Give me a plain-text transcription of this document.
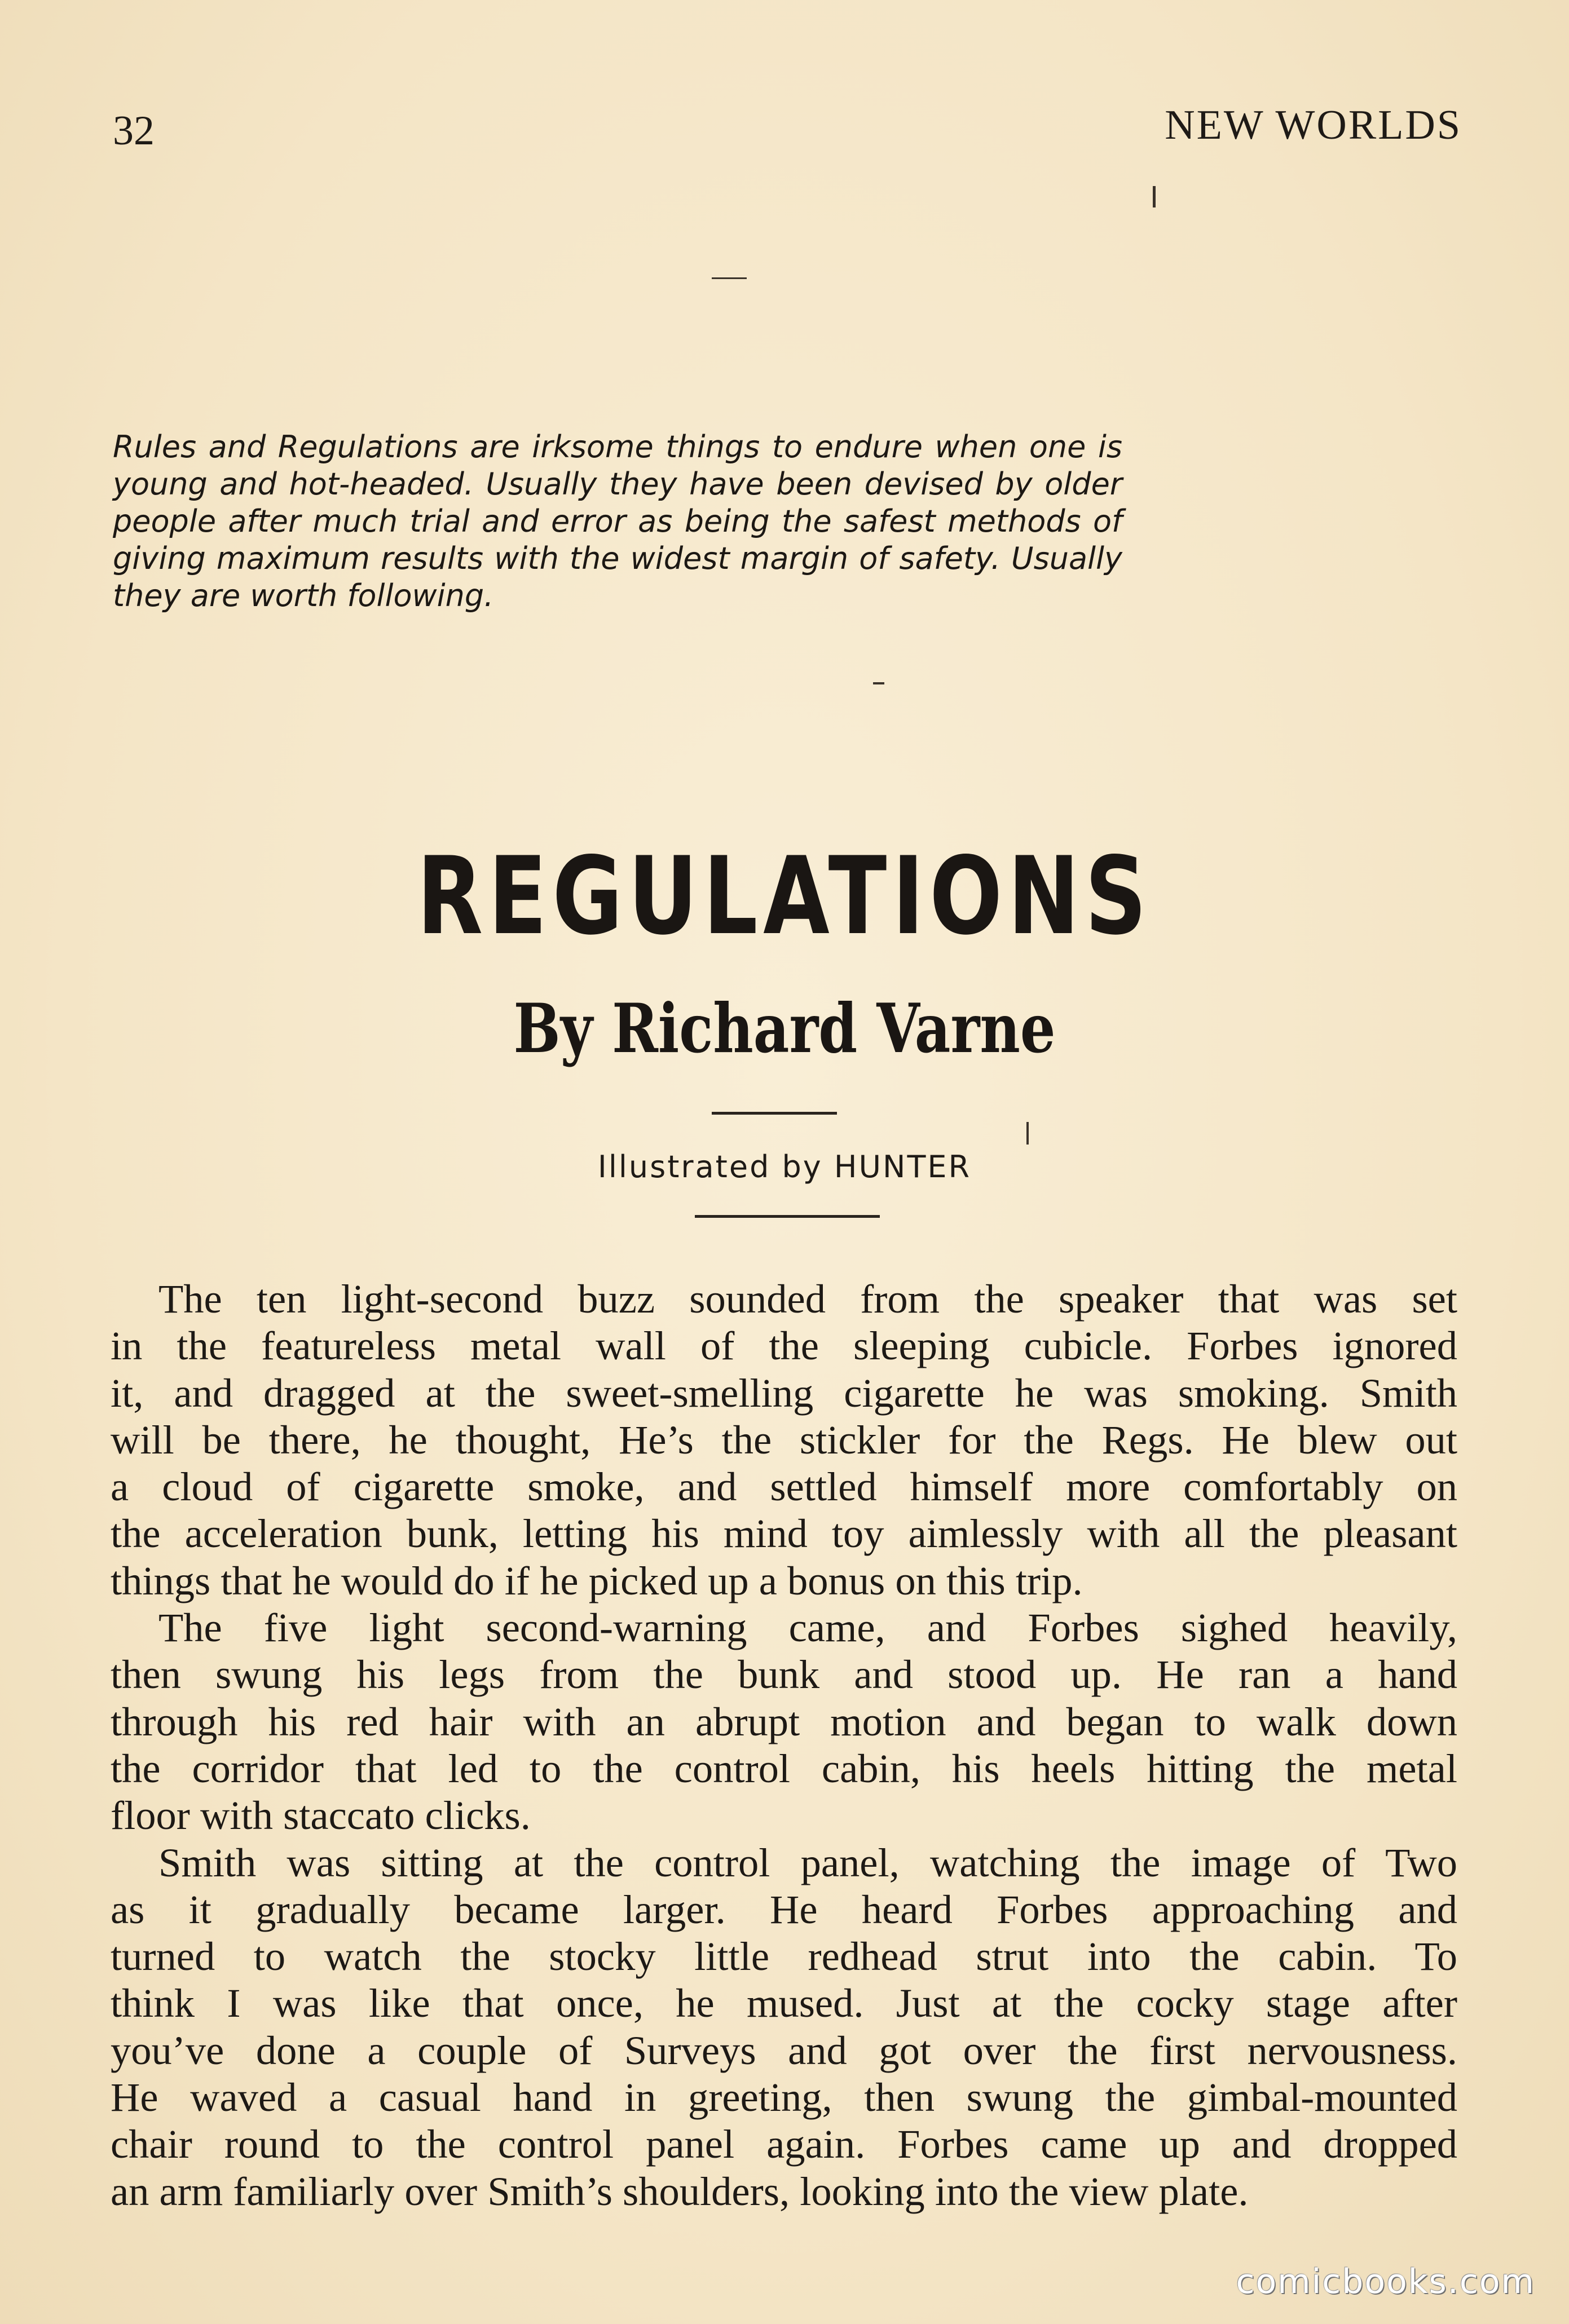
32	NEW WORLDS
Rules and Regulations are irksome things to endure when one is young and hot-headed. Usually they have been devised by older people after much trial and error as being the safest methods of giving maximum results with the widest margin of safety. Usually they are worth following.
REGULATIONS
By Richard Varne
Illustrated by HUNTER

The ten light-second buzz sounded from the speaker that was set
in the featureless metal wall of the sleeping cubicle. Forbes ignored
it, and dragged at the sweet-smelling cigarette he was smoking. Smith
will be there, he thought, He’s the stickler for the Regs. He blew out
a cloud of cigarette smoke, and settled himself more comfortably on
the acceleration bunk, letting his mind toy aimlessly with all the pleasant
things that he would do if he picked up a bonus on this trip.

The five light second-warning came, and Forbes sighed heavily,
then swung his legs from the bunk and stood up. He ran a hand
through his red hair with an abrupt motion and began to walk down
the corridor that led to the control cabin, his heels hitting the metal
floor with staccato clicks.

Smith was sitting at the control panel, watching the image of Two
as it gradually became larger. He heard Forbes approaching and
turned to watch the stocky little redhead strut into the cabin. To
think I was like that once, he mused. Just at the cocky stage after
you’ve done a couple of Surveys and got over the first nervousness.
He waved a casual hand in greeting, then swung the gimbal-mounted
chair round to the control panel again. Forbes came up and dropped
an arm familiarly over Smith’s shoulders, looking into the view plate.

comicbooks.com
